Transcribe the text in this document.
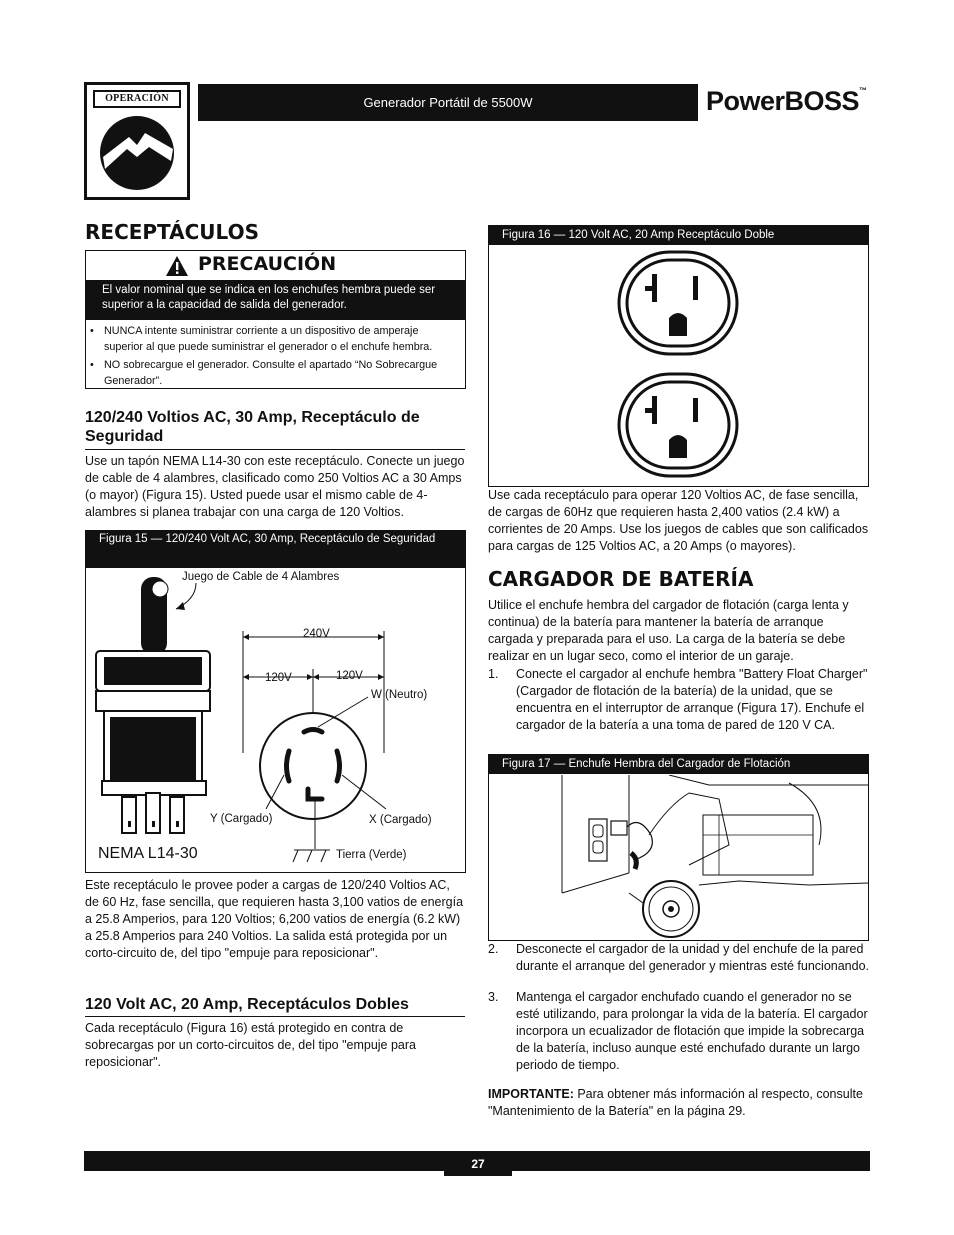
OPERACIÓN	Generador Portátil de 5500W	PowerBOSS™
RECEPTÁCULOS
PRECAUCIÓN
El valor nominal que se indica en los enchufes hembra puede ser superior a la capacidad de salida del generador.
• NUNCA intente suministrar corriente a un dispositivo de amperaje superior al que puede suministrar el generador o el enchufe hembra.
• NO sobrecargue el generador. Consulte el apartado “No Sobrecargue Generador”.
120/240 Voltios AC, 30 Amp, Receptáculo de Seguridad
Use un tapón NEMA L14-30 con este receptáculo. Conecte un juego de cable de 4 alambres, clasificado como 250 Voltios AC a 30 Amps (o mayor) (Figura 15). Usted puede usar el mismo cable de 4-alambres si planea trabajar con una carga de 120 Voltios.
Figura 15 — 120/240 Volt AC, 30 Amp, Receptáculo de Seguridad
Juego de Cable de 4 Alambres
240V
120V	120V
W (Neutro)
Y (Cargado)	X (Cargado)
NEMA L14-30	Tierra (Verde)
Este receptáculo le provee poder a cargas de 120/240 Voltios AC, de 60 Hz, fase sencilla, que requieren hasta 3,100 vatios de energía a 25.8 Amperios, para 120 Voltios; 6,200 vatios de energía (6.2 kW) a 25.8 Amperios para 240 Voltios. La salida está protegida por un corto-circuito de, del tipo "empuje para reposicionar".
120 Volt AC, 20 Amp, Receptáculos Dobles
Cada receptáculo (Figura 16) está protegido en contra de sobrecargas por un corto-circuitos de, del tipo "empuje para reposicionar".
Figura 16 — 120 Volt AC, 20 Amp Receptáculo Doble
Use cada receptáculo para operar 120 Voltios AC, de fase sencilla, de cargas de 60Hz que requieren hasta 2,400 vatios (2.4 kW) a corrientes de 20 Amps. Use los juegos de cables que son calificados para cargas de 125 Voltios AC, a 20 Amps (o mayores).
CARGADOR DE BATERÍA
Utilice el enchufe hembra del cargador de flotación (carga lenta y continua) de la batería para mantener la batería de arranque cargada y preparada para el uso. La carga de la batería se debe realizar en un lugar seco, como el interior de un garaje.
1. Conecte el cargador al enchufe hembra "Battery Float Charger" (Cargador de flotación de la batería) de la unidad, que se encuentra en el interruptor de arranque (Figura 17). Enchufe el cargador de la batería a una toma de pared de 120 V CA.
Figura 17 — Enchufe Hembra del Cargador de Flotación
2. Desconecte el cargador de la unidad y del enchufe de la pared durante el arranque del generador y mientras esté funcionando.
3. Mantenga el cargador enchufado cuando el generador no se esté utilizando, para prolongar la vida de la batería. El cargador incorpora un ecualizador de flotación que impide la sobrecarga de la batería, incluso aunque esté enchufado durante un largo periodo de tiempo.
IMPORTANTE: Para obtener más información al respecto, consulte "Mantenimiento de la Batería" en la página 29.
27
